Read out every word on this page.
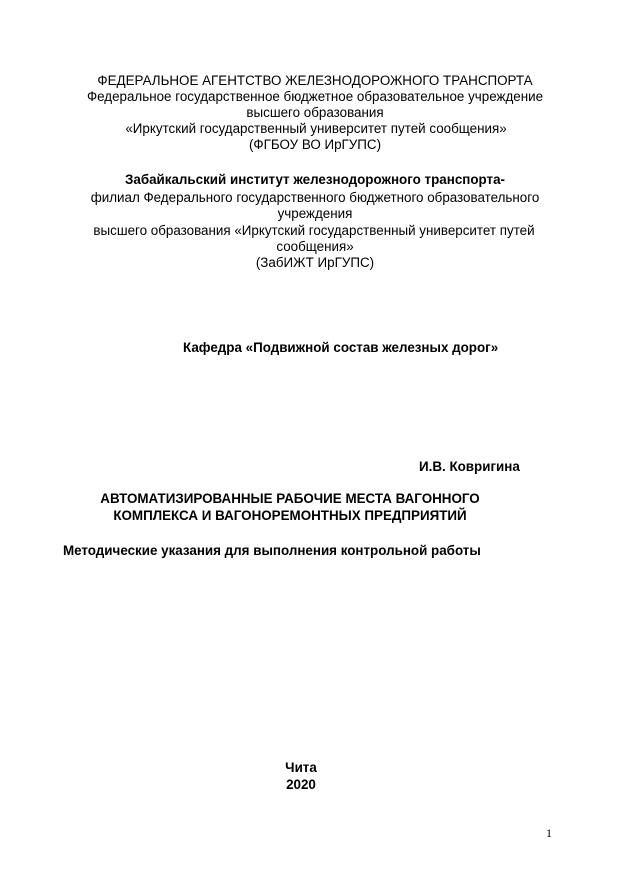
ФЕДЕРАЛЬНОЕ АГЕНТСТВО ЖЕЛЕЗНОДОРОЖНОГО ТРАНСПОРТА
Федеральное государственное бюджетное образовательное учреждение
высшего образования
«Иркутский государственный университет путей сообщения»
(ФГБОУ ВО ИрГУПС)
Забайкальский институт железнодорожного транспорта-
филиал Федерального государственного бюджетного образовательного
учреждения
высшего образования «Иркутский государственный университет путей
сообщения»
(ЗабИЖТ ИрГУПС)
Кафедра «Подвижной состав железных дорог»
И.В. Ковригина
АВТОМАТИЗИРОВАННЫЕ РАБОЧИЕ МЕСТА ВАГОННОГО
КОМПЛЕКСА И ВАГОНОРЕМОНТНЫХ ПРЕДПРИЯТИЙ
Методические указания для выполнения контрольной работы
Чита
2020
1
